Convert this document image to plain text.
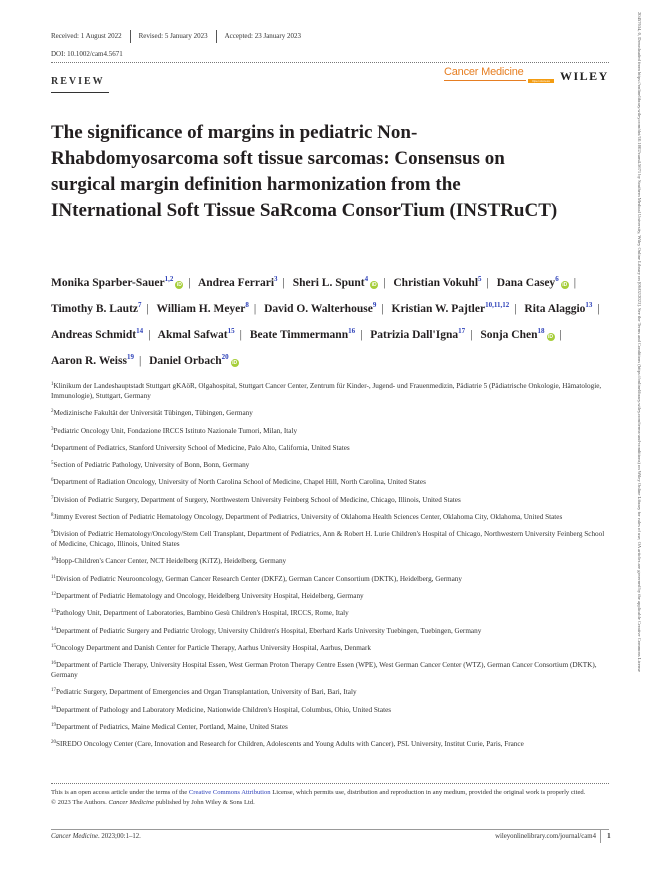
Received: 1 August 2022	Revised: 5 January 2023	Accepted: 23 January 2023
DOI: 10.1002/cam4.5671
REVIEW
Cancer Medicine
Open Access WILEY
The significance of margins in pediatric Non-Rhabdomyosarcoma soft tissue sarcomas: Consensus on surgical margin definition harmonization from the INternational Soft Tissue SaRcoma ConsorTium (INSTRuCT)
Monika Sparber-Sauer$^{1,2}$iD | Andrea Ferrari$^3$ | Sheri L. Spunt$^4$iD | Christian Vokuhl$^5$ | Dana Casey$^6$iD | Timothy B. Lautz$^7$ | William H. Meyer$^8$ | David O. Walterhouse$^9$ | Kristian W. Pajtler$^{10,11,12}$ | Rita Alaggio$^{13}$ | Andreas Schmidt$^{14}$ | Akmal Safwat$^{15}$ | Beate Timmermann$^{16}$ | Patrizia Dall'Igna$^{17}$ | Sonja Chen$^{18}$iD | Aaron R. Weiss$^{19}$ | Daniel Orbach$^{20}$iD
$^1$Klinikum der Landeshauptstadt Stuttgart gKAöR, Olgahospital, Stuttgart Cancer Center, Zentrum für Kinder-, Jugend- und Frauenmedizin, Pädiatrie 5 (Pädiatrische Onkologie, Hämatologie, Immunologie), Stuttgart, Germany
$^2$Medizinische Fakultät der Universität Tübingen, Tübingen, Germany
$^3$Pediatric Oncology Unit, Fondazione IRCCS Istituto Nazionale Tumori, Milan, Italy
$^4$Department of Pediatrics, Stanford University School of Medicine, Palo Alto, California, United States
$^5$Section of Pediatric Pathology, University of Bonn, Bonn, Germany
$^6$Department of Radiation Oncology, University of North Carolina School of Medicine, Chapel Hill, North Carolina, United States
$^7$Division of Pediatric Surgery, Department of Surgery, Northwestern University Feinberg School of Medicine, Chicago, Illinois, United States
$^8$Jimmy Everest Section of Pediatric Hematology Oncology, Department of Pediatrics, University of Oklahoma Health Sciences Center, Oklahoma City, Oklahoma, United States
$^9$Division of Pediatric Hematology/Oncology/Stem Cell Transplant, Department of Pediatrics, Ann & Robert H. Lurie Children's Hospital of Chicago, Northwestern University Feinberg School of Medicine, Chicago, Illinois, United States
$^{10}$Hopp-Children's Cancer Center, NCT Heidelberg (KiTZ), Heidelberg, Germany
$^{11}$Division of Pediatric Neurooncology, German Cancer Research Center (DKFZ), German Cancer Consortium (DKTK), Heidelberg, Germany
$^{12}$Department of Pediatric Hematology and Oncology, Heidelberg University Hospital, Heidelberg, Germany
$^{13}$Pathology Unit, Department of Laboratories, Bambino Gesù Children's Hospital, IRCCS, Rome, Italy
$^{14}$Department of Pediatric Surgery and Pediatric Urology, University Children's Hospital, Eberhard Karls University Tuebingen, Tuebingen, Germany
$^{15}$Oncology Department and Danish Center for Particle Therapy, Aarhus University Hospital, Aarhus, Denmark
$^{16}$Department of Particle Therapy, University Hospital Essen, West German Proton Therapy Centre Essen (WPE), West German Cancer Center (WTZ), German Cancer Consortium (DKTK), Germany
$^{17}$Pediatric Surgery, Department of Emergencies and Organ Transplantation, University of Bari, Bari, Italy
$^{18}$Department of Pathology and Laboratory Medicine, Nationwide Children's Hospital, Columbus, Ohio, United States
$^{19}$Department of Pediatrics, Maine Medical Center, Portland, Maine, United States
$^{20}$SIREDO Oncology Center (Care, Innovation and Research for Children, Adolescents and Young Adults with Cancer), PSL University, Institut Curie, Paris, France
This is an open access article under the terms of the Creative Commons Attribution License, which permits use, distribution and reproduction in any medium, provided the original work is properly cited.
© 2023 The Authors. Cancer Medicine published by John Wiley & Sons Ltd.
Cancer Medicine. 2023;00:1–12.	wileyonlinelibrary.com/journal/cam4	1
20457634, 0, Downloaded from https://onlinelibrary.wiley.com/doi/10.1002/cam4.5671 by Southern Medical University, Wiley Online Library on [06/02/2023]. See the Terms and Conditions (https://onlinelibrary.wiley.com/terms-and-conditions) on Wiley Online Library for rules of use; OA articles are governed by the applicable Creative Commons License
